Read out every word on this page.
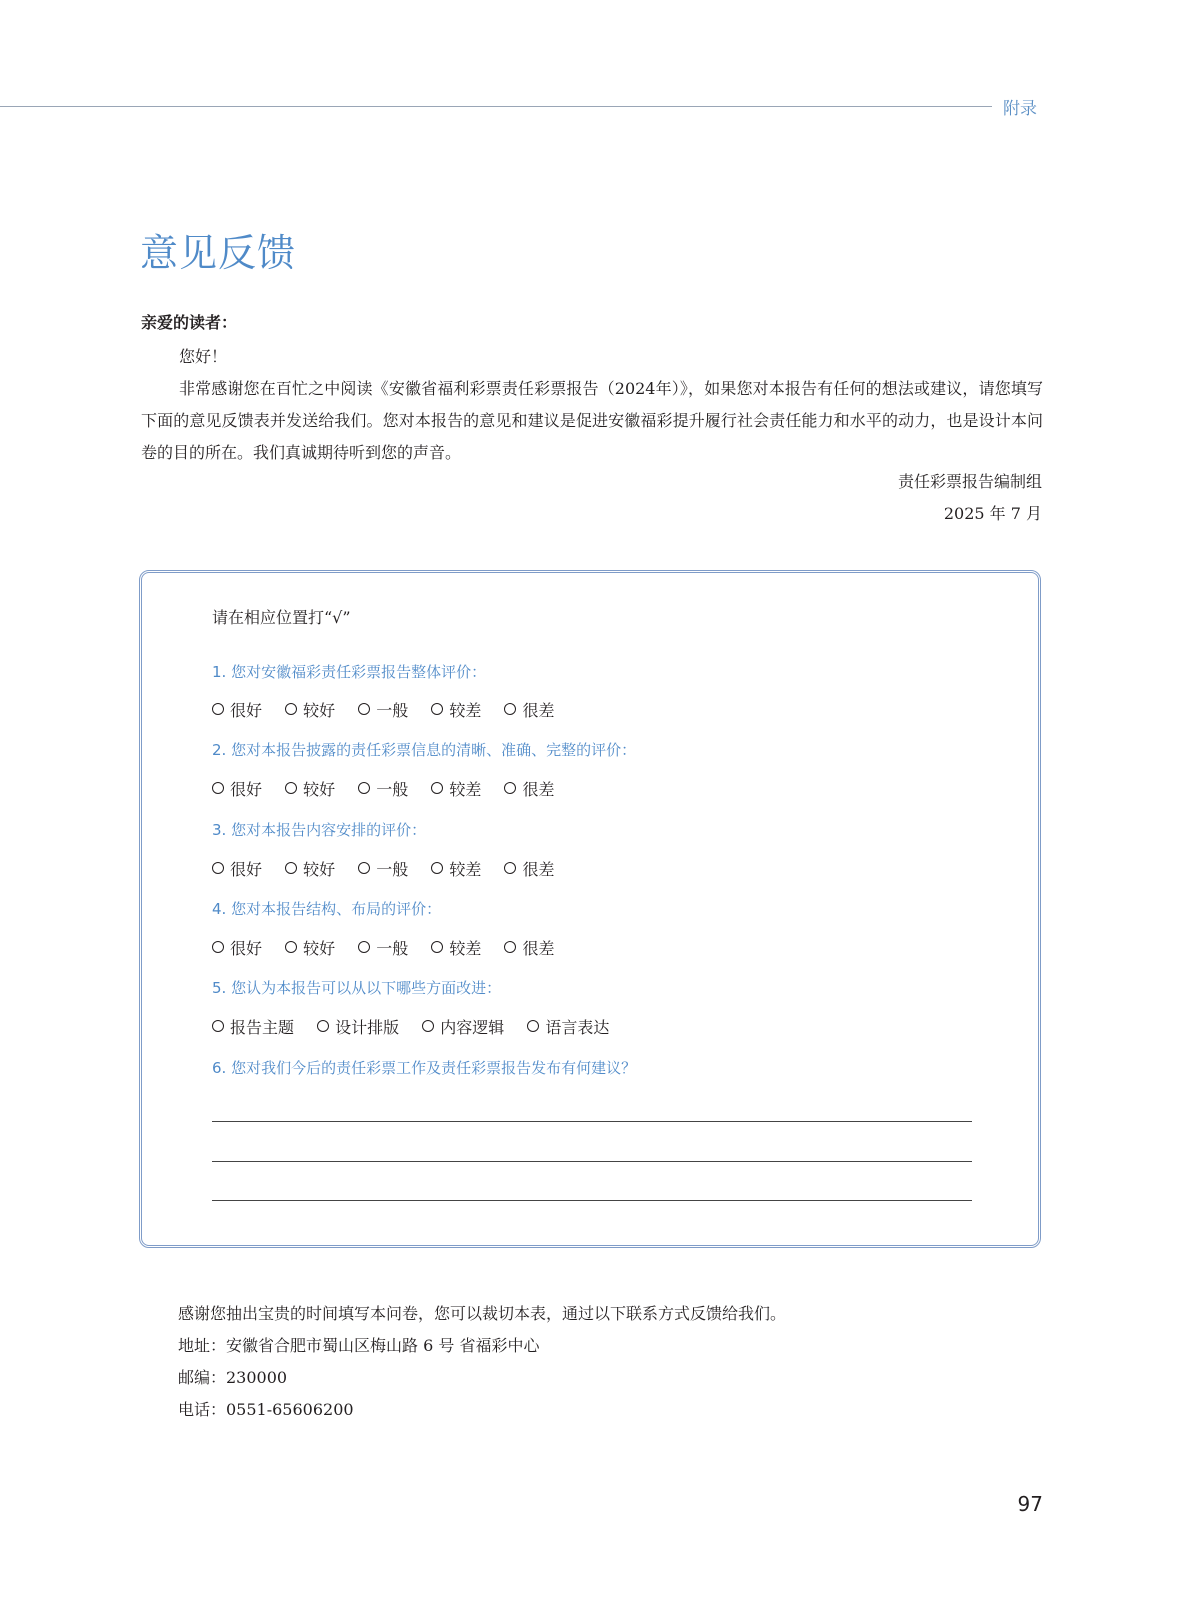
附录
意见反馈
亲爱的读者：

您好！

非常感谢您在百忙之中阅读《安徽省福利彩票责任彩票报告（2024年）》，如果您对本报告有任何的想法或建议，请您填写下面的意见反馈表并发送给我们。您对本报告的意见和建议是促进安徽福彩提升履行社会责任能力和水平的动力，也是设计本问卷的目的所在。我们真诚期待听到您的声音。

责任彩票报告编制组
2025 年 7 月
请在相应位置打“√”
1. 您对安徽福彩责任彩票报告整体评价：
很好	较好	一般	较差	很差
2. 您对本报告披露的责任彩票信息的清晰、准确、完整的评价：
很好	较好	一般	较差	很差
3. 您对本报告内容安排的评价：
很好	较好	一般	较差	很差
4. 您对本报告结构、布局的评价：
很好	较好	一般	较差	很差
5. 您认为本报告可以从以下哪些方面改进：
报告主题	设计排版	内容逻辑	语言表达
6. 您对我们今后的责任彩票工作及责任彩票报告发布有何建议？
感谢您抽出宝贵的时间填写本问卷，您可以裁切本表，通过以下联系方式反馈给我们。
地址：安徽省合肥市蜀山区梅山路 6 号 省福彩中心
邮编：230000
电话：0551-65606200
97
